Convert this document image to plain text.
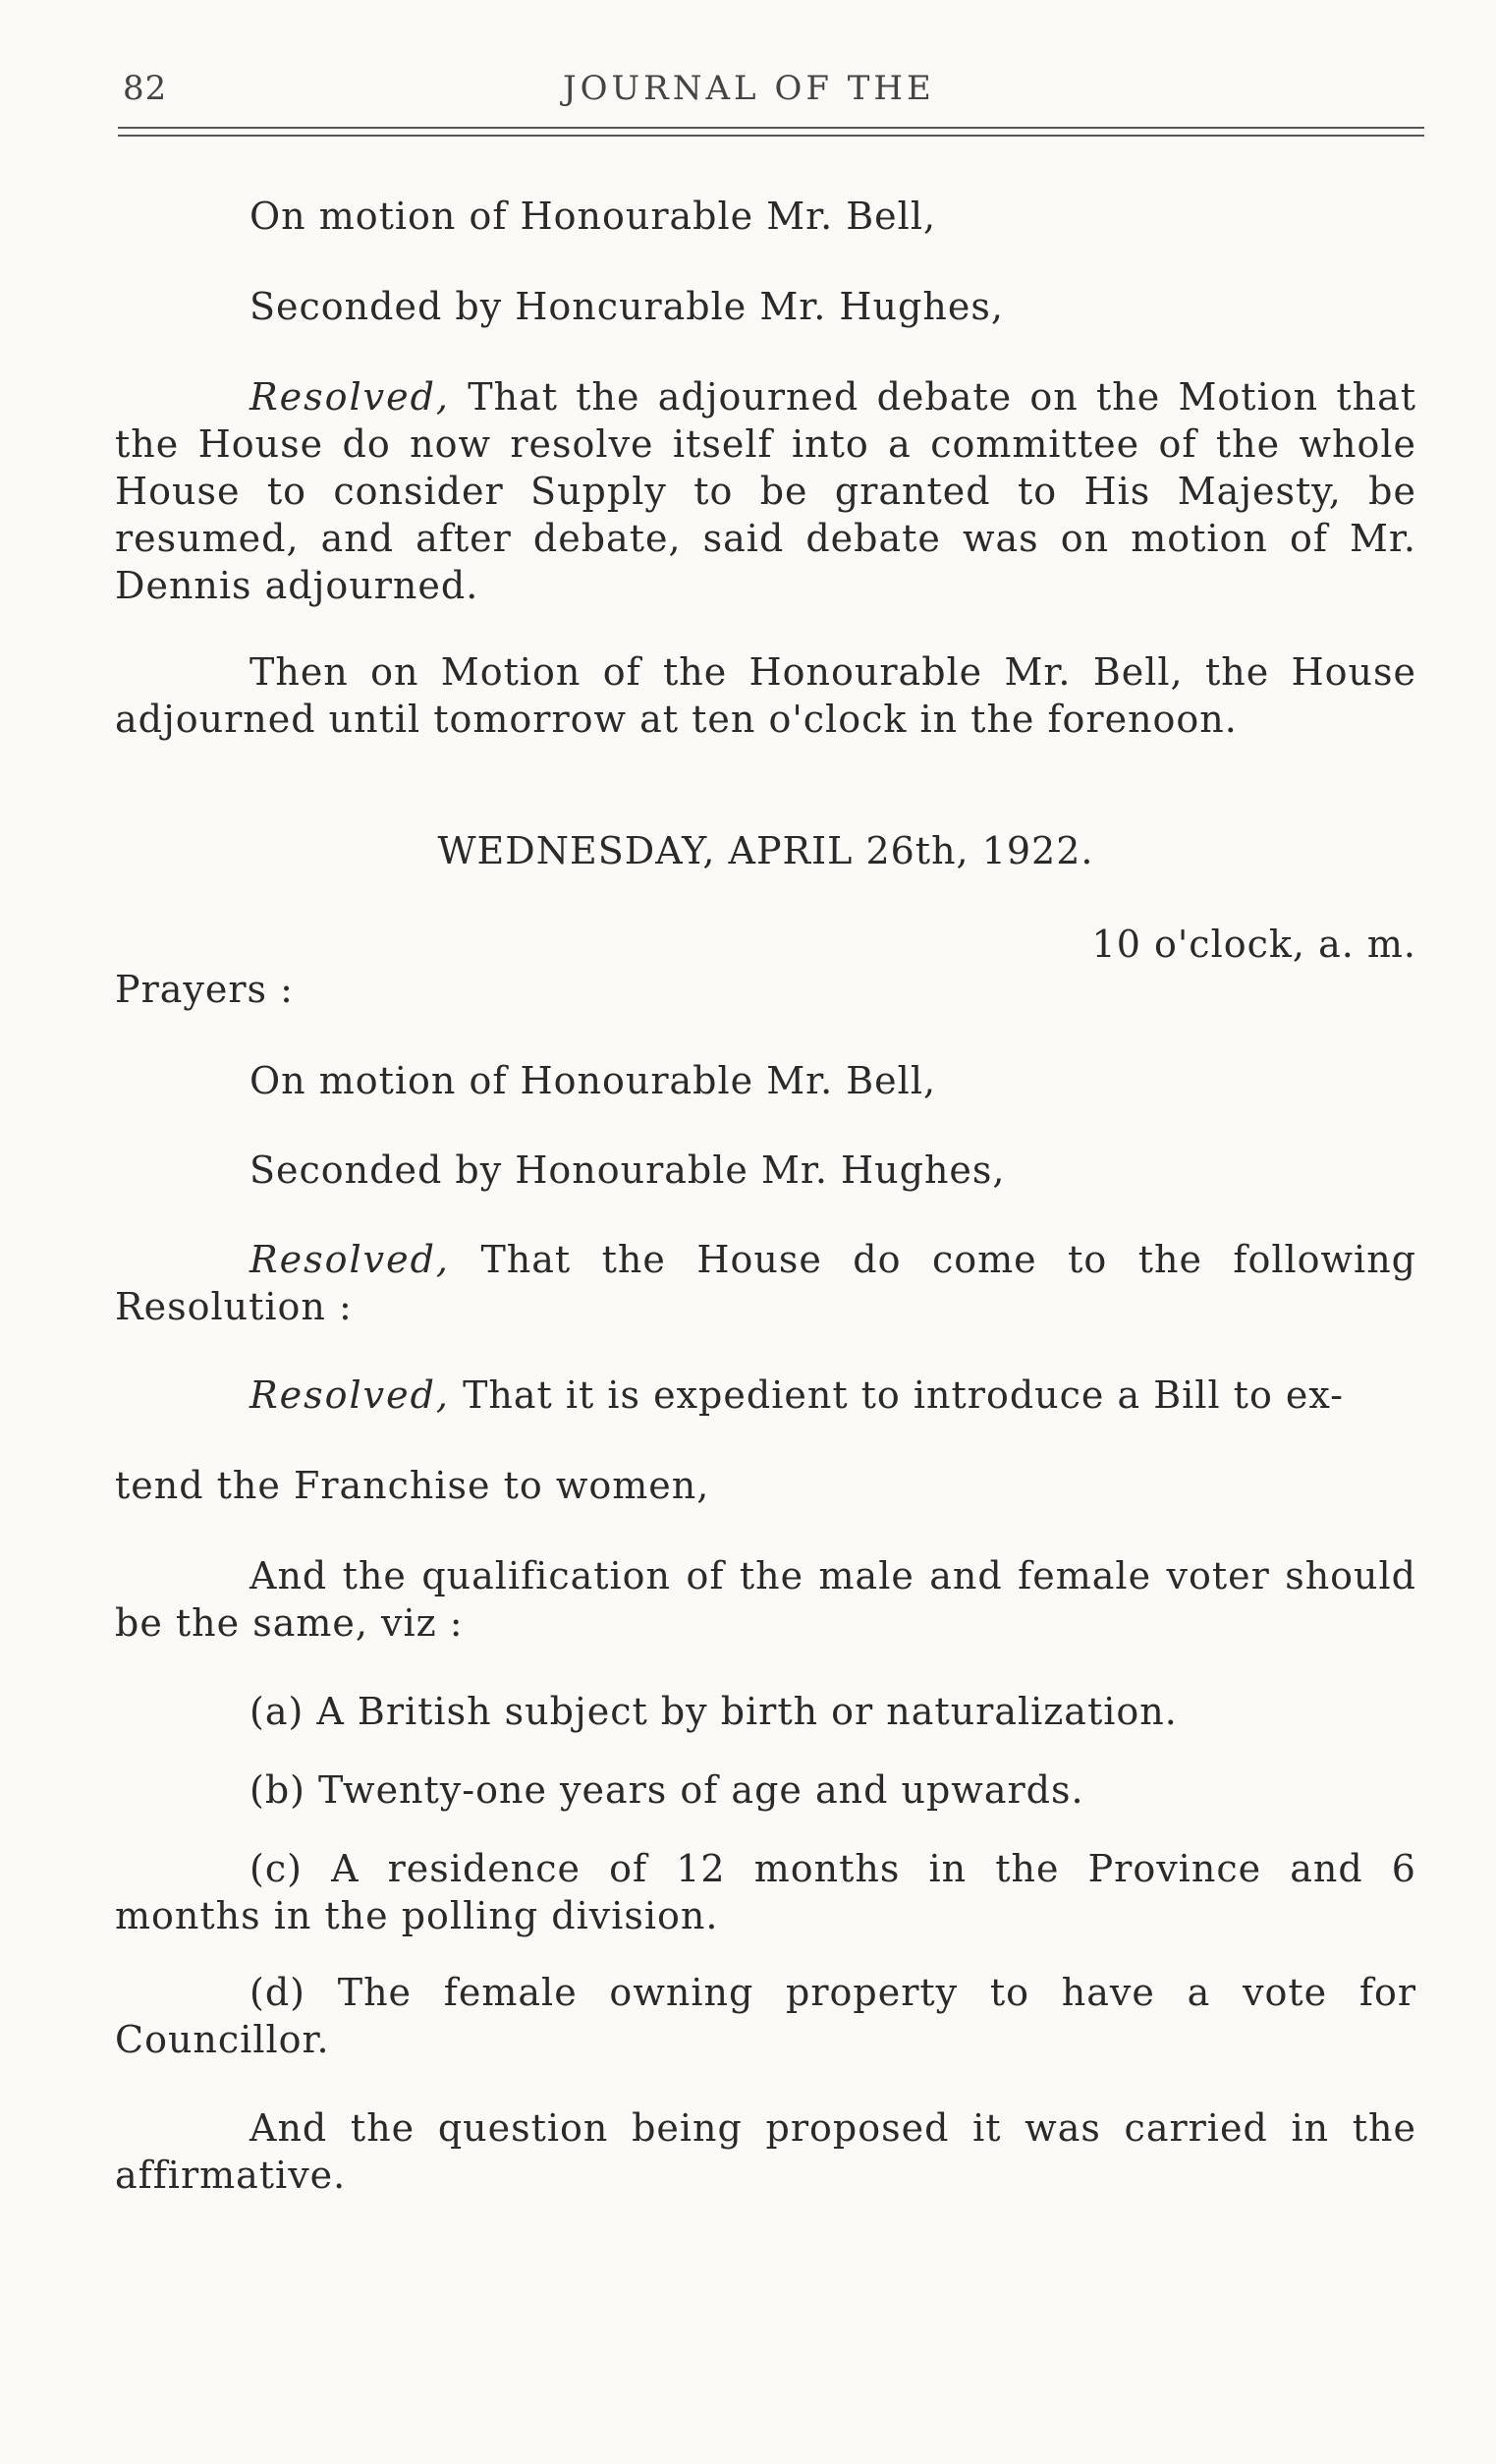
82	JOURNAL OF THE

On motion of Honourable Mr. Bell,

Seconded by Honcurable Mr. Hughes,

Resolved, That the adjourned debate on the Motion that the House do now resolve itself into a committee of the whole House to consider Supply to be granted to His Majesty, be resumed, and after debate, said debate was on motion of Mr. Dennis adjourned.

Then on Motion of the Honourable Mr. Bell, the House adjourned until tomorrow at ten o'clock in the forenoon.

WEDNESDAY, APRIL 26th, 1922.

10 o'clock, a. m.

Prayers :

On motion of Honourable Mr. Bell,

Seconded by Honourable Mr. Hughes,

Resolved, That the House do come to the following Resolution :

Resolved, That it is expedient to introduce a Bill to ex-

tend the Franchise to women,

And the qualification of the male and female voter should be the same, viz :

(a) A British subject by birth or naturalization.

(b) Twenty-one years of age and upwards.

(c) A residence of 12 months in the Province and 6 months in the polling division.

(d) The female owning property to have a vote for Councillor.

And the question being proposed it was carried in the affirmative.
